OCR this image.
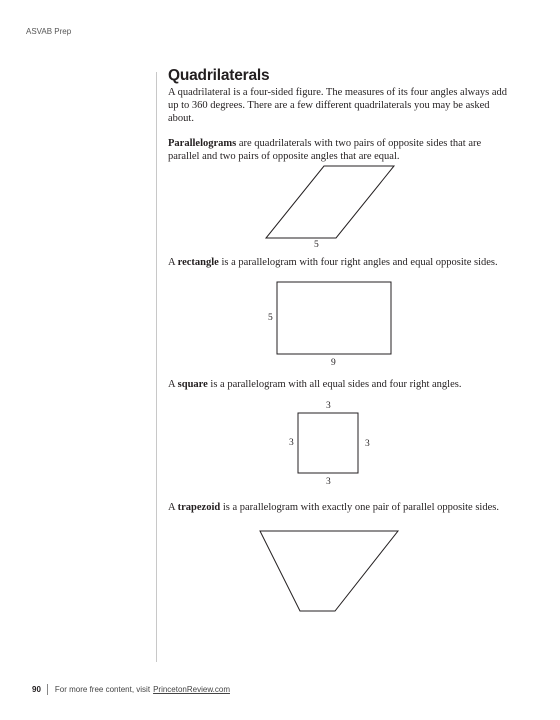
ASVAB Prep
Quadrilaterals

A quadrilateral is a four-sided figure. The measures of its four angles always add up to 360 degrees. There are a few different quadrilaterals you may be asked about.

Parallelograms are quadrilaterals with two pairs of opposite sides that are parallel and two pairs of opposite angles that are equal.

5
A rectangle is a parallelogram with four right angles and equal opposite sides.
5
9
A square is a parallelogram with all equal sides and four right angles.
3
3	3
3
A trapezoid is a parallelogram with exactly one pair of parallel opposite sides.
90 For more free content, visit PrincetonReview.com
